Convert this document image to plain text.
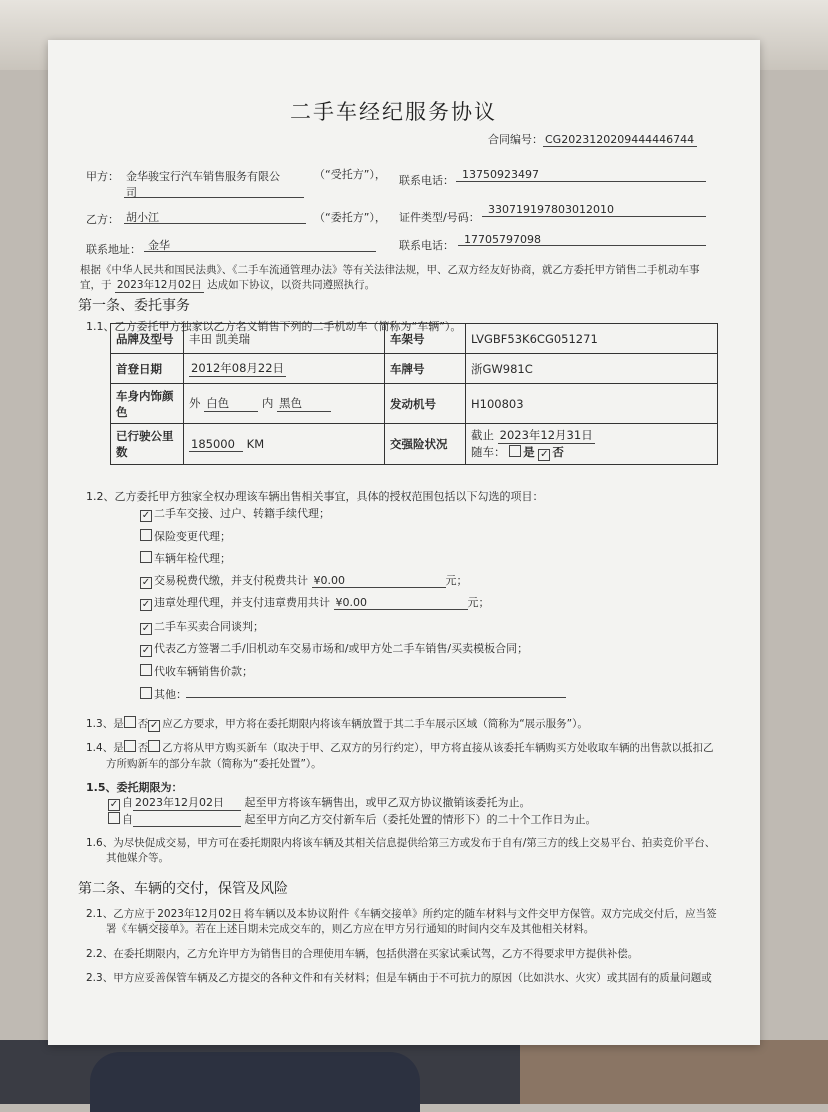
二手车经纪服务协议
合同编号： CG2023120209444446744
甲方： 金华骏宝行汽车销售服务有限公
司
（“受托方”）， 联系电话： 13750923497
乙方： 胡小江	（“委托方”）， 证件类型/号码：
330719197803012010
联系地址： 金华	联系电话： 17705797098
根据《中华人民共和国民法典》、《二手车流通管理办法》等有关法律法规，甲、乙双方经友好协商，就乙方委托甲方销售二手机动车事
宜，于 2023年12月02日 达成如下协议，以资共同遵照执行。
第一条、委托事务
1.1、乙方委托甲方独家以乙方名义销售下列的二手机动车（简称为“车辆”）。
品牌及型号	丰田 凯美瑞	车架号	LVGBF53K6CG051271
首登日期	2012年08月22日	车牌号	浙GW981C
车身内饰颜色	外 白色 内 黑色	发动机号	H100803
已行驶公里数	185000 KM	交强险状况	截止 2023年12月31日
随车： 是 ✓ 否
1.2、乙方委托甲方独家全权办理该车辆出售相关事宜，具体的授权范围包括以下勾选的项目：
✓ 二手车交接、过户、转籍手续代理；
保险变更代理；
车辆年检代理；
✓ 交易税费代缴，并支付税费共计 ¥0.00	元；
✓ 违章处理代理，并支付违章费用共计 ¥0.00	元；
✓ 二手车买卖合同谈判；
✓ 代表乙方签署二手/旧机动车交易市场和/或甲方处二手车销售/买卖模板合同；
代收车辆销售价款；
其他：
1.3、是 否 ✓ 应乙方要求，甲方将在委托期限内将该车辆放置于其二手车展示区域（简称为“展示服务”）。
1.4、是 否 乙方将从甲方购买新车（取决于甲、乙双方的另行约定），甲方将直接从该委托车辆购买方处收取车辆的出售款以抵扣乙
方所购新车的部分车款（简称为“委托处置”）。
1.5、委托期限为：
✓ 自 2023年12月02日 起至甲方将该车辆售出，或甲乙双方协议撤销该委托为止。
自	起至甲方向乙方交付新车后（委托处置的情形下）的二十个工作日为止。
1.6、为尽快促成交易，甲方可在委托期限内将该车辆及其相关信息提供给第三方或发布于自有/第三方的线上交易平台、拍卖竞价平台、
其他媒介等。
第二条、车辆的交付，保管及风险
2.1、乙方应于 2023年12月02日 将车辆以及本协议附件《车辆交接单》所约定的随车材料与文件交甲方保管。双方完成交付后，应当签
署《车辆交接单》。若在上述日期未完成交车的，则乙方应在甲方另行通知的时间内交车及其他相关材料。
2.2、在委托期限内，乙方允许甲方为销售目的合理使用车辆，包括供潜在买家试乘试驾，乙方不得要求甲方提供补偿。
2.3、甲方应妥善保管车辆及乙方提交的各种文件和有关材料；但是车辆由于不可抗力的原因（比如洪水、火灾）或其固有的质量问题或
